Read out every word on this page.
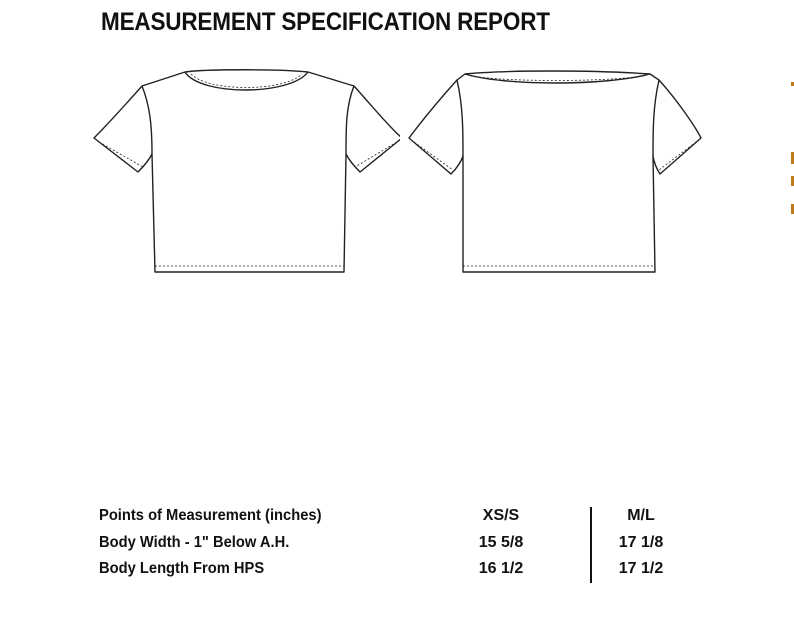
MEASUREMENT SPECIFICATION REPORT
Points of Measurement (inches)	XS/S	M/L
Body Width - 1" Below A.H.	15 5/8	17 1/8
Body Length From HPS	16 1/2	17 1/2
